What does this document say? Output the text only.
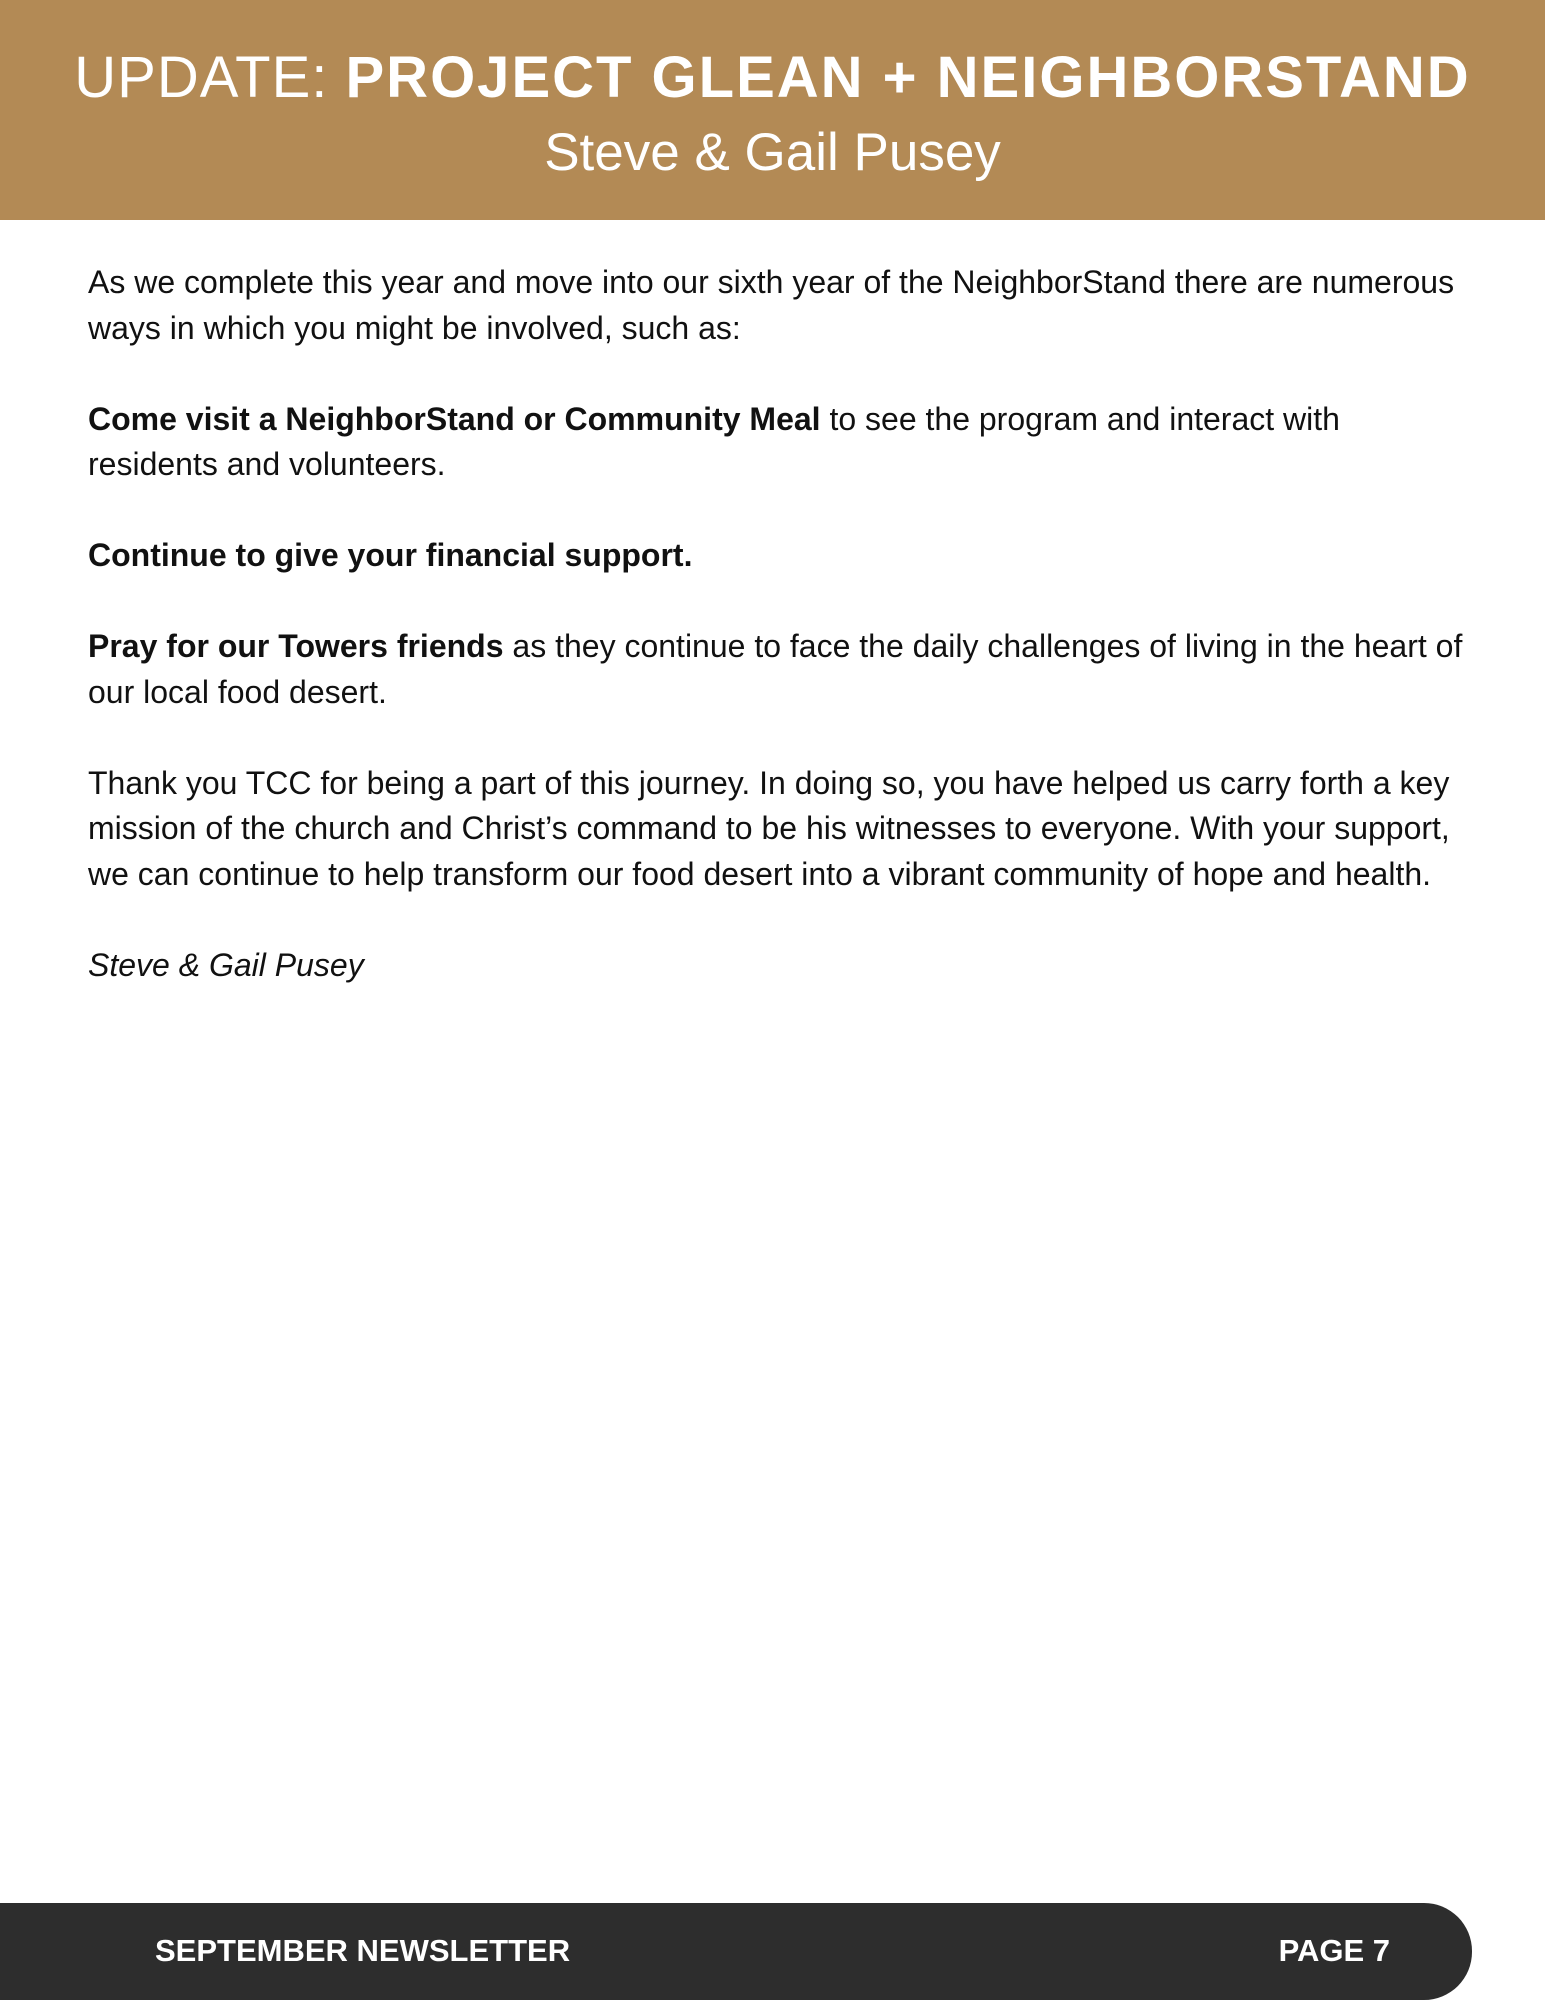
UPDATE: PROJECT GLEAN + NEIGHBORSTAND
Steve & Gail Pusey

As we complete this year and move into our sixth year of the NeighborStand there are numerous ways in which you might be involved, such as:

Come visit a NeighborStand or Community Meal to see the program and interact with residents and volunteers.

Continue to give your financial support.

Pray for our Towers friends as they continue to face the daily challenges of living in the heart of our local food desert.

Thank you TCC for being a part of this journey. In doing so, you have helped us carry forth a key mission of the church and Christ’s command to be his witnesses to everyone. With your support, we can continue to help transform our food desert into a vibrant community of hope and health.

Steve & Gail Pusey

SEPTEMBER NEWSLETTER	PAGE 7
